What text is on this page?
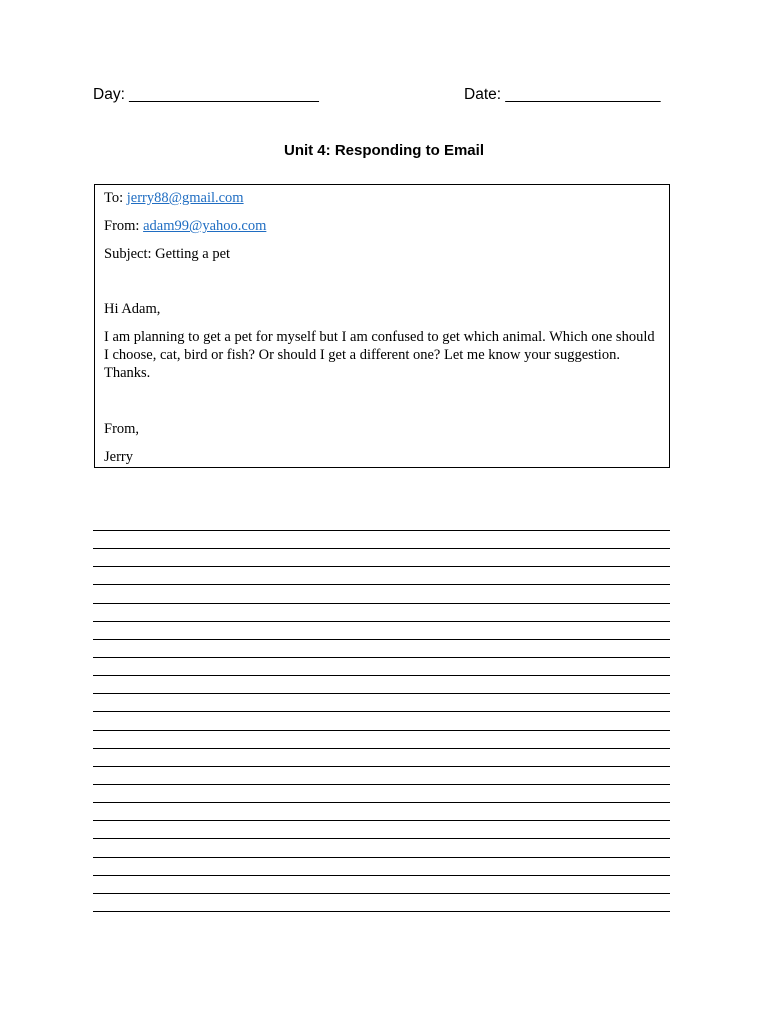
Day: ______________________	Date: __________________
Unit 4: Responding to Email

To: jerry88@gmail.com

From: adam99@yahoo.com

Subject: Getting a pet

Hi Adam,

I am planning to get a pet for myself but I am confused to get which animal. Which one should I choose, cat, bird or fish? Or should I get a different one? Let me know your suggestion. Thanks.

From,

Jerry
